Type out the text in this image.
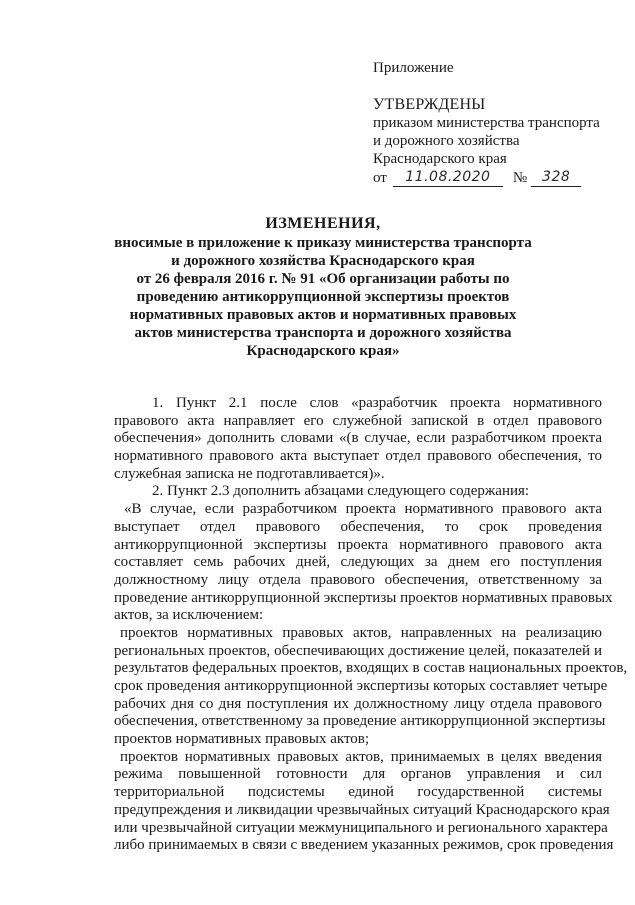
Приложение
УТВЕРЖДЕНЫ
приказом министерства транспорта
и дорожного хозяйства
Краснодарского края
от	11.08.2020	№	328
ИЗМЕНЕНИЯ,
вносимые в приложение к приказу министерства транспорта
и дорожного хозяйства Краснодарского края
от 26 февраля 2016 г. № 91 «Об организации работы по
проведению антикоррупционной экспертизы проектов
нормативных правовых актов и нормативных правовых
актов министерства транспорта и дорожного хозяйства
Краснодарского края»
1. Пункт 2.1 после слов «разработчик проекта нормативного
правового акта направляет его служебной запиской в отдел правового
обеспечения» дополнить словами «(в случае, если разработчиком проекта
нормативного правового акта выступает отдел правового обеспечения, то
служебная записка не подготавливается)».
2. Пункт 2.3 дополнить абзацами следующего содержания:
«В случае, если разработчиком проекта нормативного правового акта
выступает отдел правового обеспечения, то срок проведения
антикоррупционной экспертизы проекта нормативного правового акта
составляет семь рабочих дней, следующих за днем его поступления
должностному лицу отдела правового обеспечения, ответственному за
проведение антикоррупционной экспертизы проектов нормативных правовых
актов, за исключением:
проектов нормативных правовых актов, направленных на реализацию
региональных проектов, обеспечивающих достижение целей, показателей и
результатов федеральных проектов, входящих в состав национальных проектов,
срок проведения антикоррупционной экспертизы которых составляет четыре
рабочих дня со дня поступления их должностному лицу отдела правового
обеспечения, ответственному за проведение антикоррупционной экспертизы
проектов нормативных правовых актов;
проектов нормативных правовых актов, принимаемых в целях введения
режима повышенной готовности для органов управления и сил
территориальной подсистемы единой государственной системы
предупреждения и ликвидации чрезвычайных ситуаций Краснодарского края
или чрезвычайной ситуации межмуниципального и регионального характера
либо принимаемых в связи с введением указанных режимов, срок проведения
